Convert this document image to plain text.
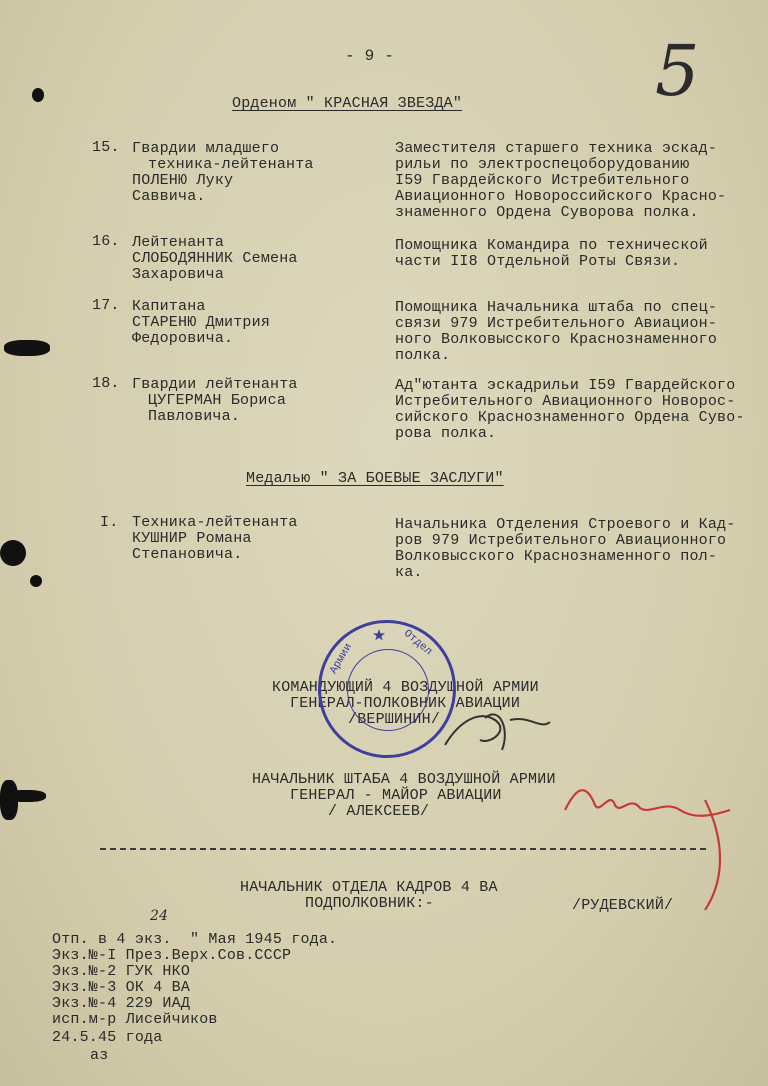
- 9 -	5
Орденом " КРАСНАЯ ЗВЕЗДА"
15. Гвардии младшего
техника-лейтенанта
ПОЛЕНЮ Луку
Саввича.
Заместителя старшего техника эскад-
рильи по электроспецоборудованию
I59 Гвардейского Истребительного
Авиационного Новороссийского Красно-
знаменного Ордена Суворова полка.
16. Лейтенанта
СЛОБОДЯННИК Семена
Захаровича
Помощника Командира по технической
части II8 Отдельной Роты Связи.
17. Капитана
СТАРЕНЮ Дмитрия
Федоровича.
Помощника Начальника штаба по спец-
связи 979 Истребительного Авиацион-
ного Волковысского Краснознаменного
полка.
18. Гвардии лейтенанта
ЦУГЕРМАН Бориса
Павловича.
Ад"ютанта эскадрильи I59 Гвардейского
Истребительного Авиационного Новорос-
сийского Краснознаменного Ордена Суво-
рова полка.
Медалью " ЗА БОЕВЫЕ ЗАСЛУГИ"
I. Техника-лейтенанта
КУШНИР Романа
Степановича.
Начальника Отделения Строевого и Кад-
ров 979 Истребительного Авиационного
Волковысского Краснознаменного пол-
ка.
КОМАНДУЮЩИЙ 4 ВОЗДУШНОЙ АРМИИ
ГЕНЕРАЛ-ПОЛКОВНИК АВИАЦИИ
/ВЕРШИНИН/
Отдел
Армии
НАЧАЛЬНИК ШТАБА 4 ВОЗДУШНОЙ АРМИИ
ГЕНЕРАЛ - МАЙОР АВИАЦИИ
/ АЛЕКСЕЕВ/
НАЧАЛЬНИК ОТДЕЛА КАДРОВ 4 ВА
ПОДПОЛКОВНИК:-	/РУДЕВСКИЙ/
24
Отп. в 4 экз.  " Мая 1945 года.
Экз.№-I През.Верх.Сов.СССР
Экз.№-2 ГУК НКО
Экз.№-3 ОК 4 ВА
Экз.№-4 229 ИАД
исп.м-р Лисейчиков
24.5.45 года
аз
